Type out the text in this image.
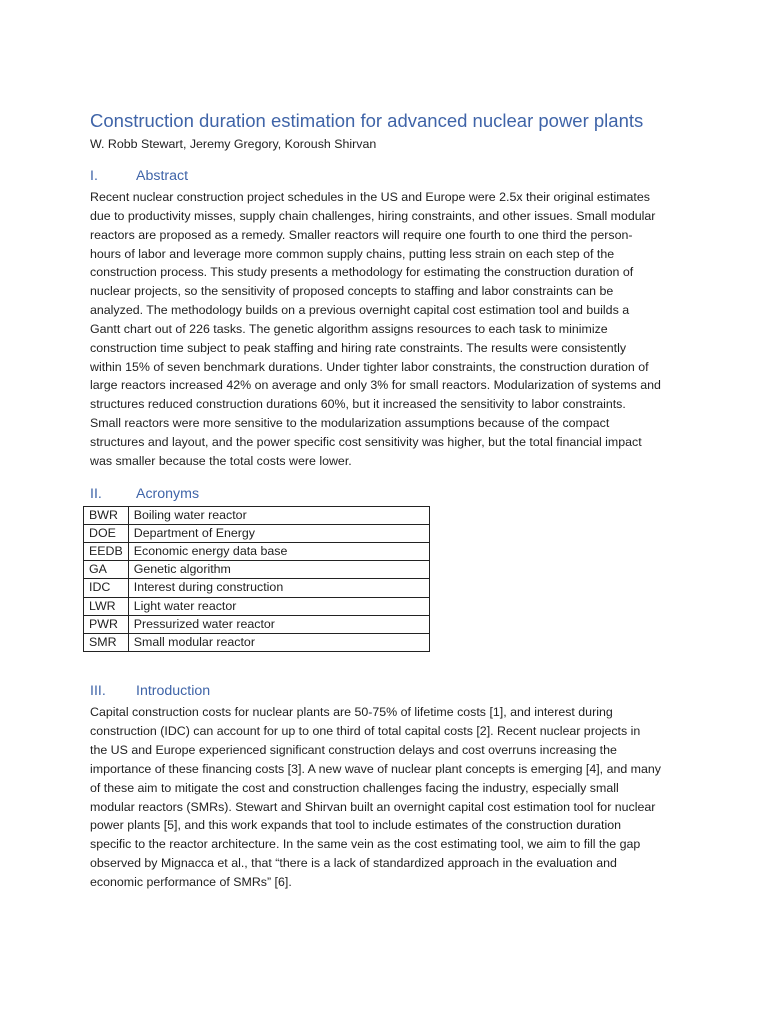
Construction duration estimation for advanced nuclear power plants
W. Robb Stewart, Jeremy Gregory, Koroush Shirvan
I.	Abstract

Recent nuclear construction project schedules in the US and Europe were 2.5x their original estimates
due to productivity misses, supply chain challenges, hiring constraints, and other issues. Small modular
reactors are proposed as a remedy. Smaller reactors will require one fourth to one third the person-
hours of labor and leverage more common supply chains, putting less strain on each step of the
construction process. This study presents a methodology for estimating the construction duration of
nuclear projects, so the sensitivity of proposed concepts to staffing and labor constraints can be
analyzed. The methodology builds on a previous overnight capital cost estimation tool and builds a
Gantt chart out of 226 tasks. The genetic algorithm assigns resources to each task to minimize
construction time subject to peak staffing and hiring rate constraints. The results were consistently
within 15% of seven benchmark durations. Under tighter labor constraints, the construction duration of
large reactors increased 42% on average and only 3% for small reactors. Modularization of systems and
structures reduced construction durations 60%, but it increased the sensitivity to labor constraints.
Small reactors were more sensitive to the modularization assumptions because of the compact
structures and layout, and the power specific cost sensitivity was higher, but the total financial impact
was smaller because the total costs were lower.

II.	Acronyms
BWR	Boiling water reactor
DOE	Department of Energy
EEDB	Economic energy data base
GA	Genetic algorithm
IDC	Interest during construction
LWR	Light water reactor
PWR	Pressurized water reactor
SMR	Small modular reactor
III.	Introduction

Capital construction costs for nuclear plants are 50-75% of lifetime costs [1], and interest during
construction (IDC) can account for up to one third of total capital costs [2]. Recent nuclear projects in
the US and Europe experienced significant construction delays and cost overruns increasing the
importance of these financing costs [3]. A new wave of nuclear plant concepts is emerging [4], and many
of these aim to mitigate the cost and construction challenges facing the industry, especially small
modular reactors (SMRs). Stewart and Shirvan built an overnight capital cost estimation tool for nuclear
power plants [5], and this work expands that tool to include estimates of the construction duration
specific to the reactor architecture. In the same vein as the cost estimating tool, we aim to fill the gap
observed by Mignacca et al., that “there is a lack of standardized approach in the evaluation and
economic performance of SMRs” [6].
